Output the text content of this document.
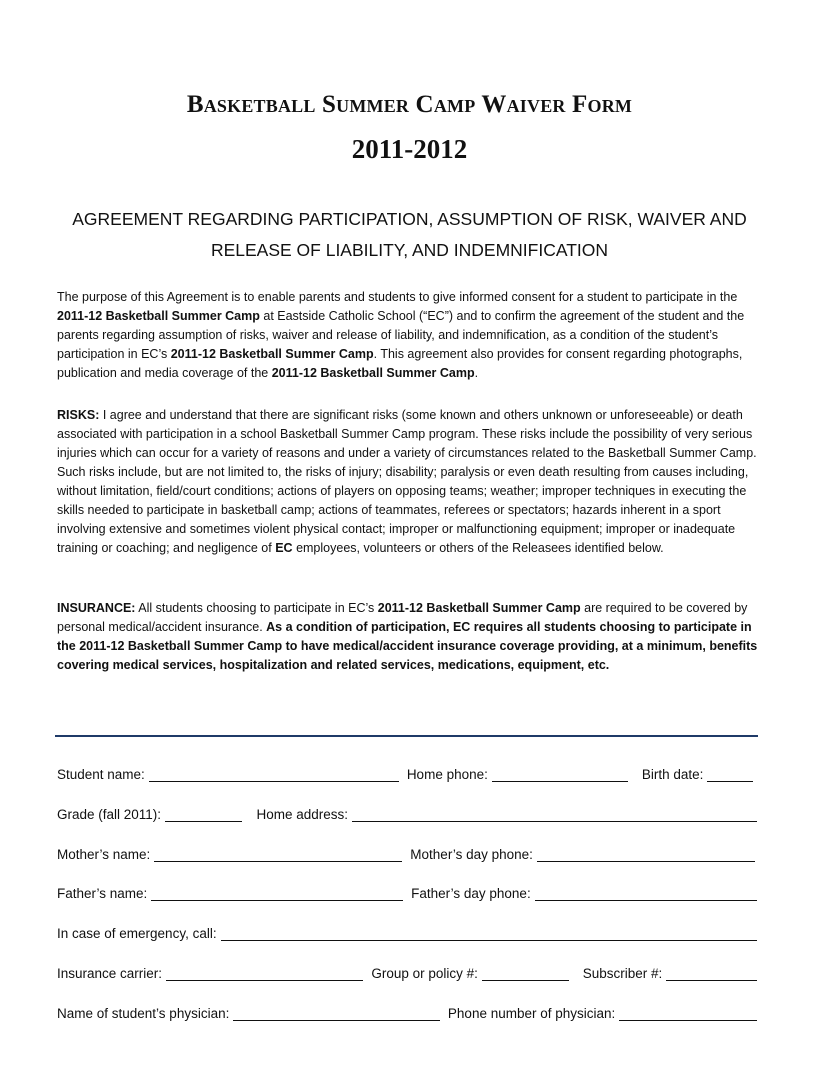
Basketball Summer Camp Waiver Form
2011-2012
AGREEMENT REGARDING PARTICIPATION, ASSUMPTION OF RISK, WAIVER AND
RELEASE OF LIABILITY, AND INDEMNIFICATION

The purpose of this Agreement is to enable parents and students to give informed consent for a student to participate in the 2011-12 Basketball Summer Camp at Eastside Catholic School (“EC”) and to confirm the agreement of the student and the parents regarding assumption of risks, waiver and release of liability, and indemnification, as a condition of the student’s participation in EC’s 2011-12 Basketball Summer Camp. This agreement also provides for consent regarding photographs, publication and media coverage of the 2011-12 Basketball Summer Camp.

RISKS: I agree and understand that there are significant risks (some known and others unknown or unforeseeable) or death associated with participation in a school Basketball Summer Camp program. These risks include the possibility of very serious injuries which can occur for a variety of reasons and under a variety of circumstances related to the Basketball Summer Camp. Such risks include, but are not limited to, the risks of injury; disability; paralysis or even death resulting from causes including, without limitation, field/court conditions; actions of players on opposing teams; weather; improper techniques in executing the skills needed to participate in basketball camp; actions of teammates, referees or spectators; hazards inherent in a sport involving extensive and sometimes violent physical contact; improper or malfunctioning equipment; improper or inadequate training or coaching; and negligence of EC employees, volunteers or others of the Releasees identified below.

INSURANCE: All students choosing to participate in EC’s 2011-12 Basketball Summer Camp are required to be covered by personal medical/accident insurance. As a condition of participation, EC requires all students choosing to participate in the 2011-12 Basketball Summer Camp to have medical/accident insurance coverage providing, at a minimum, benefits covering medical services, hospitalization and related services, medications, equipment, etc.

Student name:	Home phone:	Birth date:
Grade (fall 2011):	Home address:
Mother’s name:	Mother’s day phone:
Father’s name:	Father’s day phone:
In case of emergency, call:
Insurance carrier:	Group or policy #:	Subscriber #:
Name of student’s physician:	Phone number of physician:
